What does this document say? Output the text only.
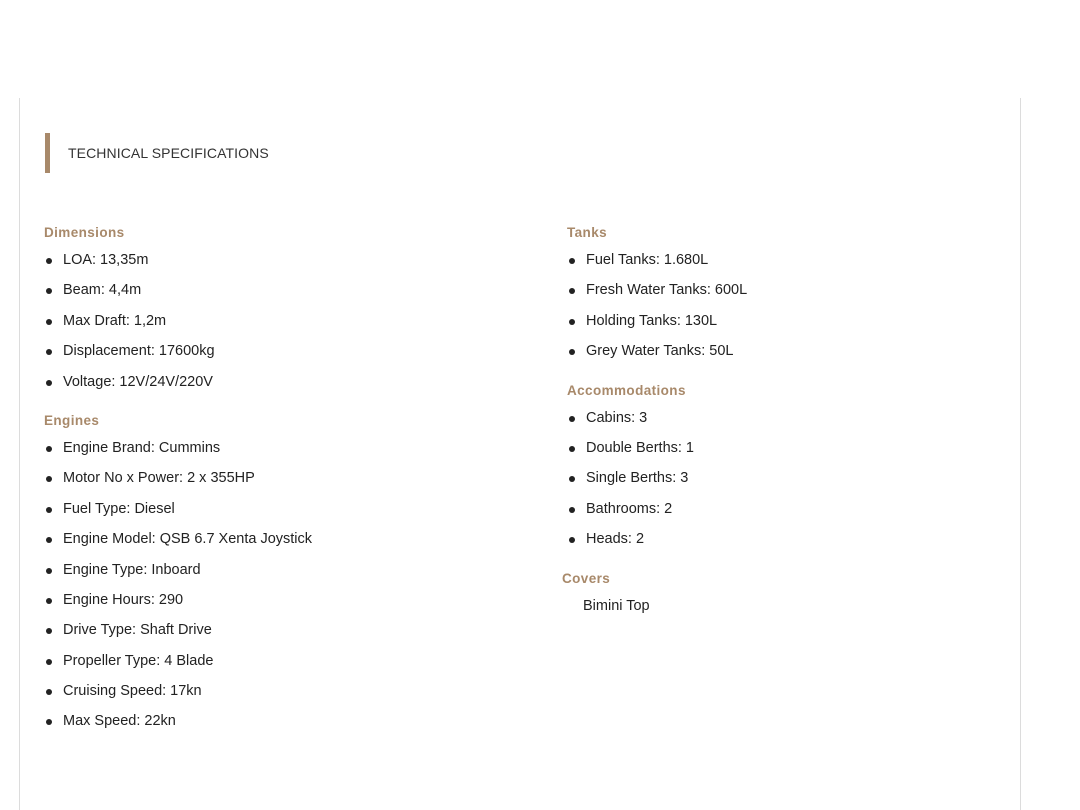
TECHNICAL SPECIFICATIONS
Dimensions
LOA: 13,35m
Beam: 4,4m
Max Draft: 1,2m
Displacement: 17600kg
Voltage: 12V/24V/220V
Engines
Engine Brand: Cummins
Motor No x Power: 2 x 355HP
Fuel Type: Diesel
Engine Model: QSB 6.7 Xenta Joystick
Engine Type: Inboard
Engine Hours: 290
Drive Type: Shaft Drive
Propeller Type: 4 Blade
Cruising Speed: 17kn
Max Speed: 22kn
Tanks
Fuel Tanks: 1.680L
Fresh Water Tanks: 600L
Holding Tanks: 130L
Grey Water Tanks: 50L
Accommodations
Cabins: 3
Double Berths: 1
Single Berths: 3
Bathrooms: 2
Heads: 2
Covers
Bimini Top
